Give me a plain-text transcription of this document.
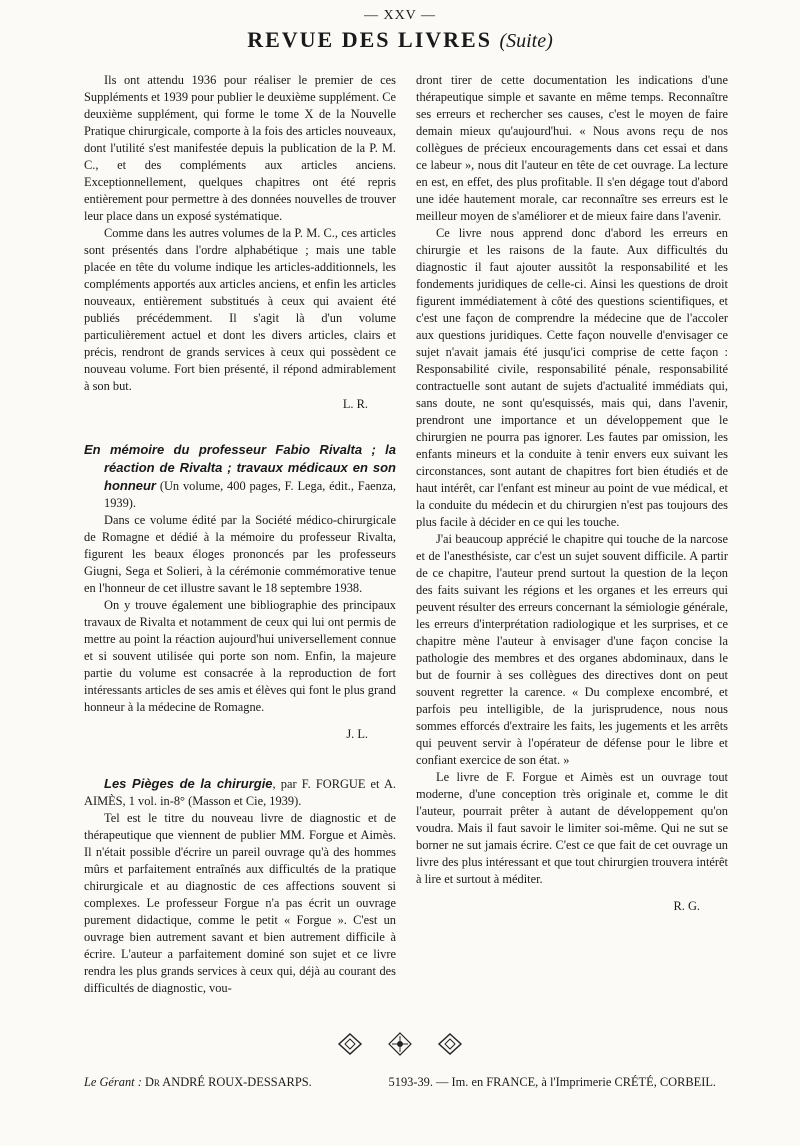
— XXV —
REVUE DES LIVRES (Suite)

Ils ont attendu 1936 pour réaliser le premier de ces Suppléments et 1939 pour publier le deuxième supplément. Ce deuxième supplément, qui forme le tome X de la Nouvelle Pratique chirurgicale, comporte à la fois des articles nouveaux, dont l'utilité s'est manifestée depuis la publication de la P. M. C., et des compléments aux articles anciens. Exceptionnellement, quelques chapitres ont été repris entièrement pour permettre à des données nouvelles de trouver leur place dans un exposé systématique.

Comme dans les autres volumes de la P. M. C., ces articles sont présentés dans l'ordre alphabétique ; mais une table placée en tête du volume indique les articles-additionnels, les compléments apportés aux articles anciens, et enfin les articles nouveaux, entièrement substitués à ceux qui avaient été publiés précédemment. Il s'agit là d'un volume particulièrement actuel et dont les divers articles, clairs et précis, rendront de grands services à ceux qui possèdent ce nouveau volume. Fort bien présenté, il répond admirablement à son but.

L. R.

En mémoire du professeur Fabio Rivalta ; la réaction de Rivalta ; travaux médicaux en son honneur (Un volume, 400 pages, F. Lega, édit., Faenza, 1939).

Dans ce volume édité par la Société médico-chirurgicale de Romagne et dédié à la mémoire du professeur Rivalta, figurent les beaux éloges prononcés par les professeurs Giugni, Sega et Solieri, à la cérémonie commémorative tenue en l'honneur de cet illustre savant le 18 septembre 1938.

On y trouve également une bibliographie des principaux travaux de Rivalta et notamment de ceux qui lui ont permis de mettre au point la réaction aujourd'hui universellement connue et si souvent utilisée qui porte son nom. Enfin, la majeure partie du volume est consacrée à la reproduction de fort intéressants articles de ses amis et élèves qui font le plus grand honneur à la médecine de Romagne.

J. L.

Les Pièges de la chirurgie, par F. FORGUE et A. AIMÈS, 1 vol. in-8° (Masson et Cie, 1939).

Tel est le titre du nouveau livre de diagnostic et de thérapeutique que viennent de publier MM. Forgue et Aimès. Il n'était possible d'écrire un pareil ouvrage qu'à des hommes mûrs et parfaitement entraînés aux difficultés de la pratique chirurgicale et au diagnostic de ces affections souvent si complexes. Le professeur Forgue n'a pas écrit un ouvrage purement didactique, comme le petit « Forgue ». C'est un ouvrage bien autrement savant et bien autrement difficile à écrire. L'auteur a parfaitement dominé son sujet et ce livre rendra les plus grands services à ceux qui, déjà au courant des difficultés de diagnostic, vou-

dront tirer de cette documentation les indications d'une thérapeutique simple et savante en même temps. Reconnaître ses erreurs et rechercher ses causes, c'est le moyen de faire demain mieux qu'aujourd'hui. « Nous avons reçu de nos collègues de précieux encouragements dans cet essai et dans ce labeur », nous dit l'auteur en tête de cet ouvrage. La lecture en est, en effet, des plus profitable. Il s'en dégage tout d'abord une idée hautement morale, car reconnaître ses erreurs est le meilleur moyen de s'améliorer et de mieux faire dans l'avenir.

Ce livre nous apprend donc d'abord les erreurs en chirurgie et les raisons de la faute. Aux difficultés du diagnostic il faut ajouter aussitôt la responsabilité et les fondements juridiques de celle-ci. Ainsi les questions de droit figurent immédiatement à côté des questions scientifiques, et c'est une façon de comprendre la médecine que de l'accoler aux questions juridiques. Cette façon nouvelle d'envisager ce sujet n'avait jamais été jusqu'ici comprise de cette façon : Responsabilité civile, responsabilité pénale, responsabilité contractuelle sont autant de sujets d'actualité immédiats qui, sans doute, ne sont qu'esquissés, mais qui, dans l'avenir, prendront une importance et un développement que le chirurgien ne pourra pas ignorer. Les fautes par omission, les enfants mineurs et la conduite à tenir envers eux suivant les circonstances, sont autant de chapitres fort bien étudiés et de haut intérêt, car l'enfant est mineur au point de vue médical, et la conduite du médecin et du chirurgien n'est pas toujours des plus facile à décider en ce qui les touche.

J'ai beaucoup apprécié le chapitre qui touche de la narcose et de l'anesthésiste, car c'est un sujet souvent difficile. A partir de ce chapitre, l'auteur prend surtout la question de la leçon des faits suivant les régions et les organes et les erreurs qui peuvent résulter des erreurs concernant la sémiologie générale, les erreurs d'interprétation radiologique et les surprises, et ce chapitre mène l'auteur à envisager d'une façon concise la pathologie des membres et des organes abdominaux, dans le but de fournir à ses collègues des directives dont on peut souvent regretter la carence. « Du complexe encombré, et parfois peu intelligible, de la jurisprudence, nous nous sommes efforcés d'extraire les faits, les jugements et les arrêts qui peuvent servir à l'opérateur de défense pour le libre et confiant exercice de son état. »

Le livre de F. Forgue et Aimès est un ouvrage tout moderne, d'une conception très originale et, comme le dit l'auteur, pourrait prêter à autant de développement qu'on voudra. Mais il faut savoir le limiter soi-même. Qui ne sut se borner ne sut jamais écrire. C'est ce que fait de cet ouvrage un livre des plus intéressant et que tout chirurgien trouvera intérêt à lire et surtout à méditer.

R. G.
Le Gérant : Dr ANDRÉ ROUX-DESSARPS.	5193-39. — Im. en FRANCE, à l'Imprimerie CRÉTÉ, CORBEIL.
